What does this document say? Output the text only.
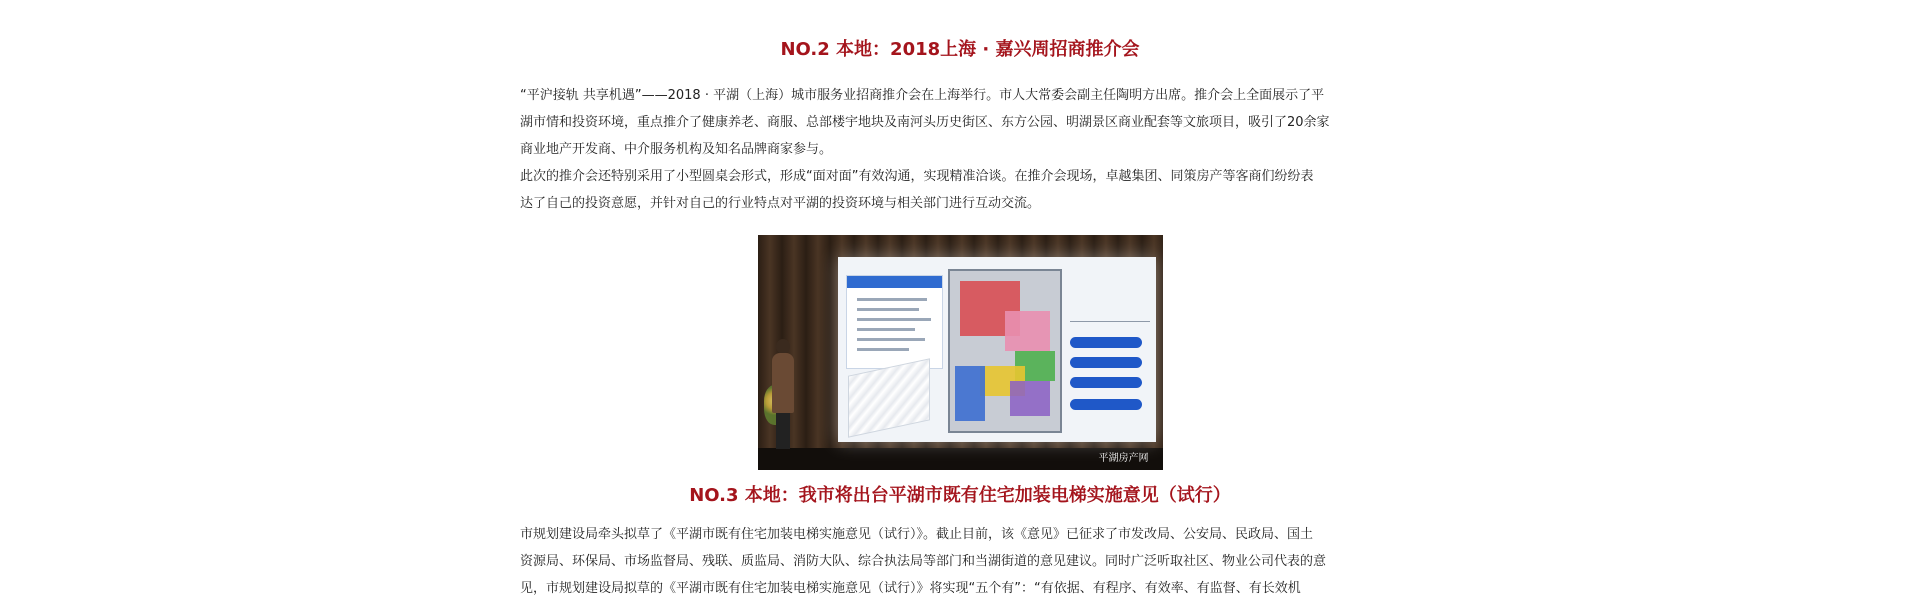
NO.2 本地：2018上海 · 嘉兴周招商推介会

“平沪接轨 共享机遇”——2018 · 平湖（上海）城市服务业招商推介会在上海举行。市人大常委会副主任陶明方出席。推介会上全面展示了平

湖市情和投资环境，重点推介了健康养老、商服、总部楼宇地块及南河头历史街区、东方公园、明湖景区商业配套等文旅项目，吸引了20余家

商业地产开发商、中介服务机构及知名品牌商家参与。

此次的推介会还特别采用了小型圆桌会形式，形成“面对面”有效沟通，实现精准洽谈。在推介会现场，卓越集团、同策房产等客商们纷纷表

达了自己的投资意愿，并针对自己的行业特点对平湖的投资环境与相关部门进行互动交流。

平湖房产网
NO.3 本地：我市将出台平湖市既有住宅加装电梯实施意见（试行）

市规划建设局牵头拟草了《平湖市既有住宅加装电梯实施意见（试行）》。截止目前，该《意见》已征求了市发改局、公安局、民政局、国土

资源局、环保局、市场监督局、残联、质监局、消防大队、综合执法局等部门和当湖街道的意见建议。同时广泛听取社区、物业公司代表的意

见，市规划建设局拟草的《平湖市既有住宅加装电梯实施意见（试行）》将实现“五个有”：“有依据、有程序、有效率、有监督、有长效机
